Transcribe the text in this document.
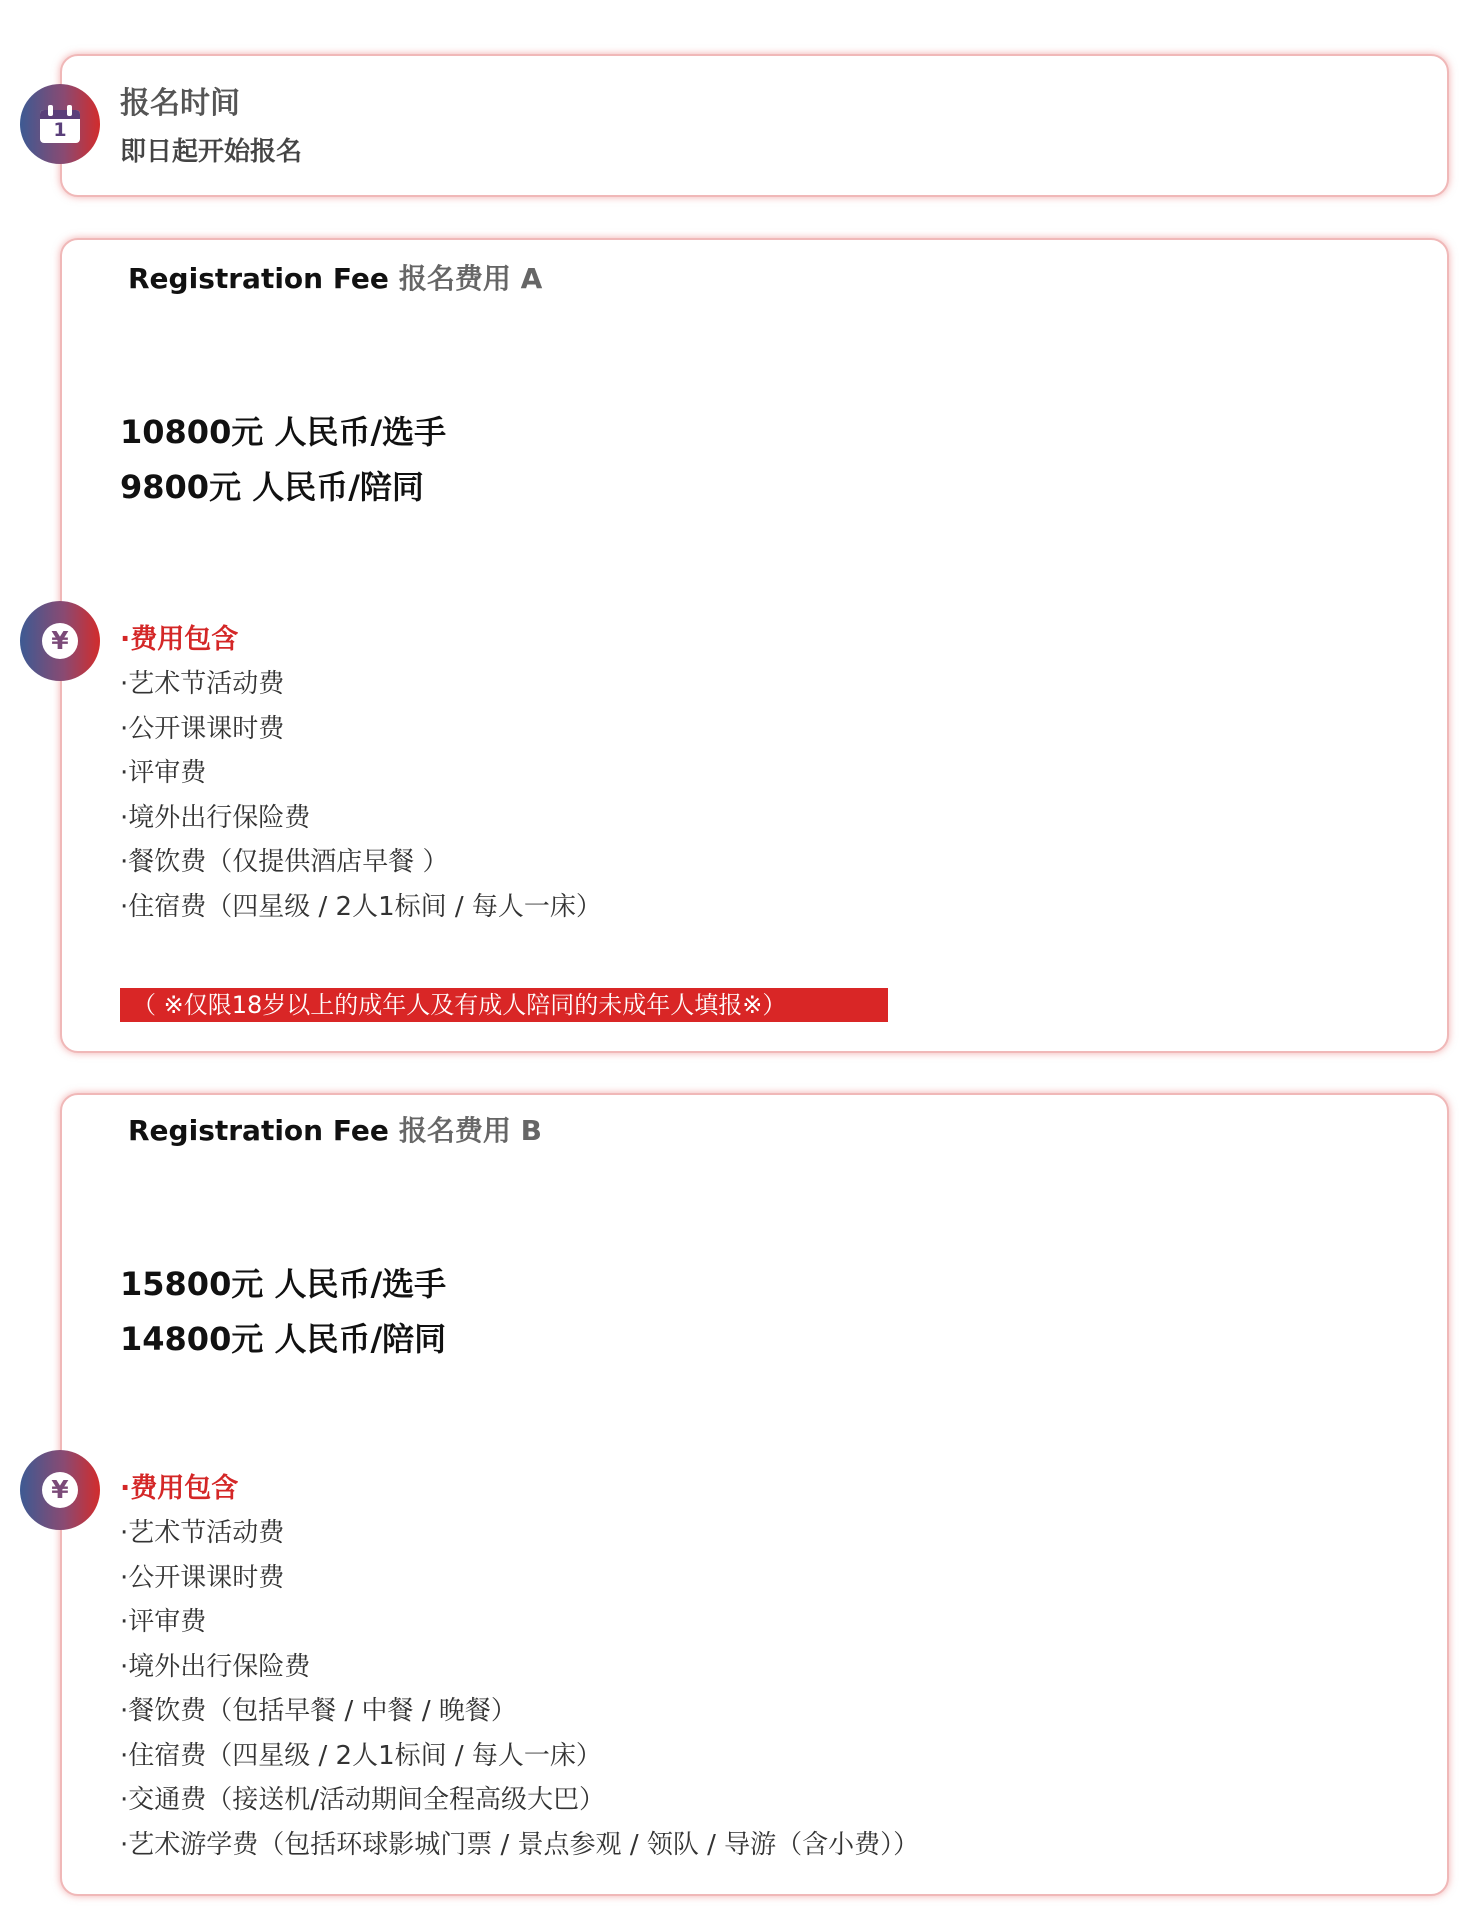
1
报名时间
即日起开始报名
Registration Fee 报名费用 A
10800元 人民币/选手
9800元 人民币/陪同
¥	·费用包含
·艺术节活动费
·公开课课时费
·评审费
·境外出行保险费
·餐饮费（仅提供酒店早餐 ）
·住宿费（四星级 / 2人1标间 / 每人一床）
（ ※仅限18岁以上的成年人及有成人陪同的未成年人填报※）
Registration Fee 报名费用 B
15800元 人民币/选手
14800元 人民币/陪同
¥	·费用包含
·艺术节活动费
·公开课课时费
·评审费
·境外出行保险费
·餐饮费（包括早餐 / 中餐 / 晚餐）
·住宿费（四星级 / 2人1标间 / 每人一床）
·交通费（接送机/活动期间全程高级大巴）
·艺术游学费（包括环球影城门票 / 景点参观 / 领队 / 导游（含小费））
